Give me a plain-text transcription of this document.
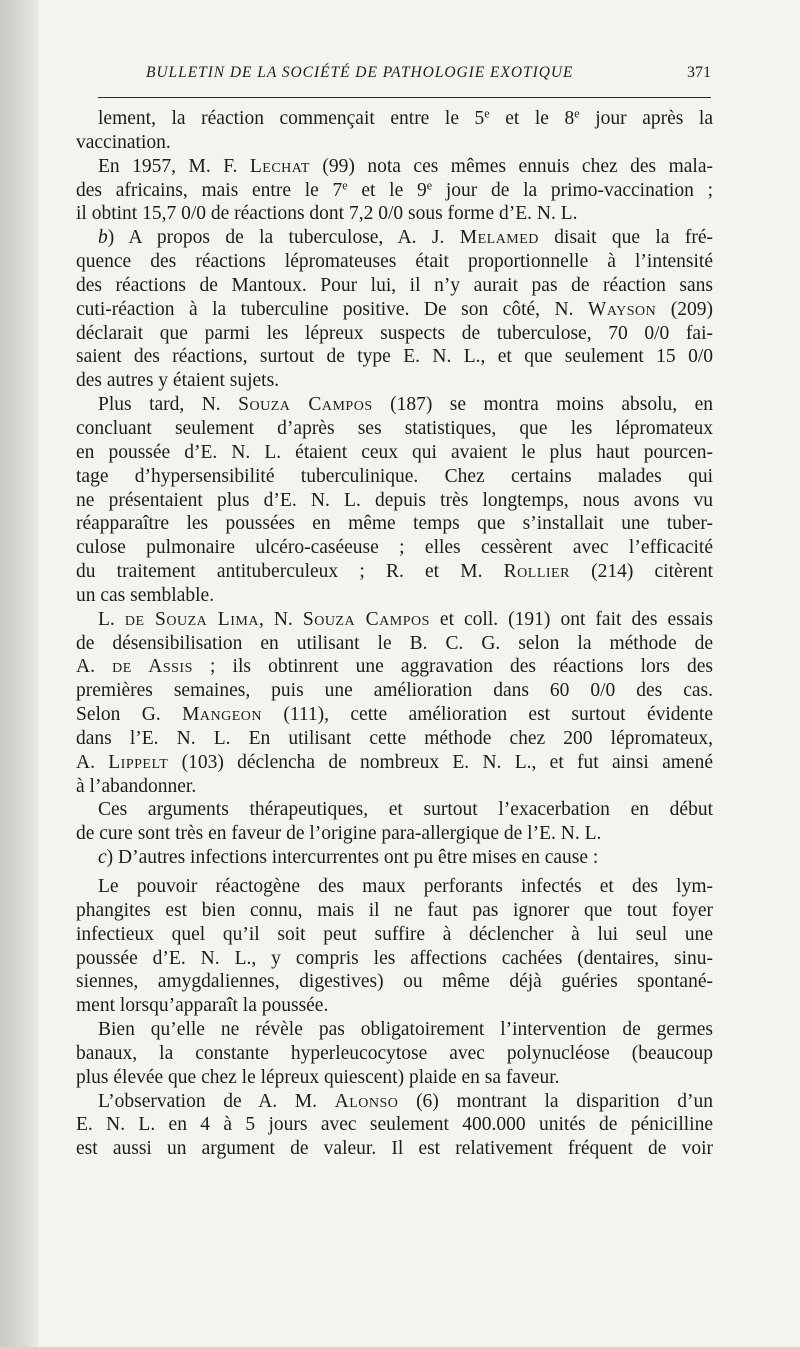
BULLETIN DE LA SOCIÉTÉ DE PATHOLOGIE EXOTIQUE	371
lement, la réaction commençait entre le 5e et le 8e jour après la
vaccination.
En 1957, M. F. Lechat (99) nota ces mêmes ennuis chez des mala-
des africains, mais entre le 7e et le 9e jour de la primo-vaccination ;
il obtint 15,7 0/0 de réactions dont 7,2 0/0 sous forme d’E. N. L.
b) A propos de la tuberculose, A. J. Melamed disait que la fré-
quence des réactions lépromateuses était proportionnelle à l’intensité
des réactions de Mantoux. Pour lui, il n’y aurait pas de réaction sans
cuti-réaction à la tuberculine positive. De son côté, N. Wayson (209)
déclarait que parmi les lépreux suspects de tuberculose, 70 0/0 fai-
saient des réactions, surtout de type E. N. L., et que seulement 15 0/0
des autres y étaient sujets.
Plus tard, N. Souza Campos (187) se montra moins absolu, en
concluant seulement d’après ses statistiques, que les lépromateux
en poussée d’E. N. L. étaient ceux qui avaient le plus haut pourcen-
tage d’hypersensibilité tuberculinique. Chez certains malades qui
ne présentaient plus d’E. N. L. depuis très longtemps, nous avons vu
réapparaître les poussées en même temps que s’installait une tuber-
culose pulmonaire ulcéro-caséeuse ; elles cessèrent avec l’efficacité
du traitement antituberculeux ; R. et M. Rollier (214) citèrent
un cas semblable.
L. de Souza Lima, N. Souza Campos et coll. (191) ont fait des essais
de désensibilisation en utilisant le B. C. G. selon la méthode de
A. de Assis ; ils obtinrent une aggravation des réactions lors des
premières semaines, puis une amélioration dans 60 0/0 des cas.
Selon G. Mangeon (111), cette amélioration est surtout évidente
dans l’E. N. L. En utilisant cette méthode chez 200 lépromateux,
A. Lippelt (103) déclencha de nombreux E. N. L., et fut ainsi amené
à l’abandonner.
Ces arguments thérapeutiques, et surtout l’exacerbation en début
de cure sont très en faveur de l’origine para-allergique de l’E. N. L.
c) D’autres infections intercurrentes ont pu être mises en cause :
Le pouvoir réactogène des maux perforants infectés et des lym-
phangites est bien connu, mais il ne faut pas ignorer que tout foyer
infectieux quel qu’il soit peut suffire à déclencher à lui seul une
poussée d’E. N. L., y compris les affections cachées (dentaires, sinu-
siennes, amygdaliennes, digestives) ou même déjà guéries spontané-
ment lorsqu’apparaît la poussée.
Bien qu’elle ne révèle pas obligatoirement l’intervention de germes
banaux, la constante hyperleucocytose avec polynucléose (beaucoup
plus élevée que chez le lépreux quiescent) plaide en sa faveur.
L’observation de A. M. Alonso (6) montrant la disparition d’un
E. N. L. en 4 à 5 jours avec seulement 400.000 unités de pénicilline
est aussi un argument de valeur. Il est relativement fréquent de voir
